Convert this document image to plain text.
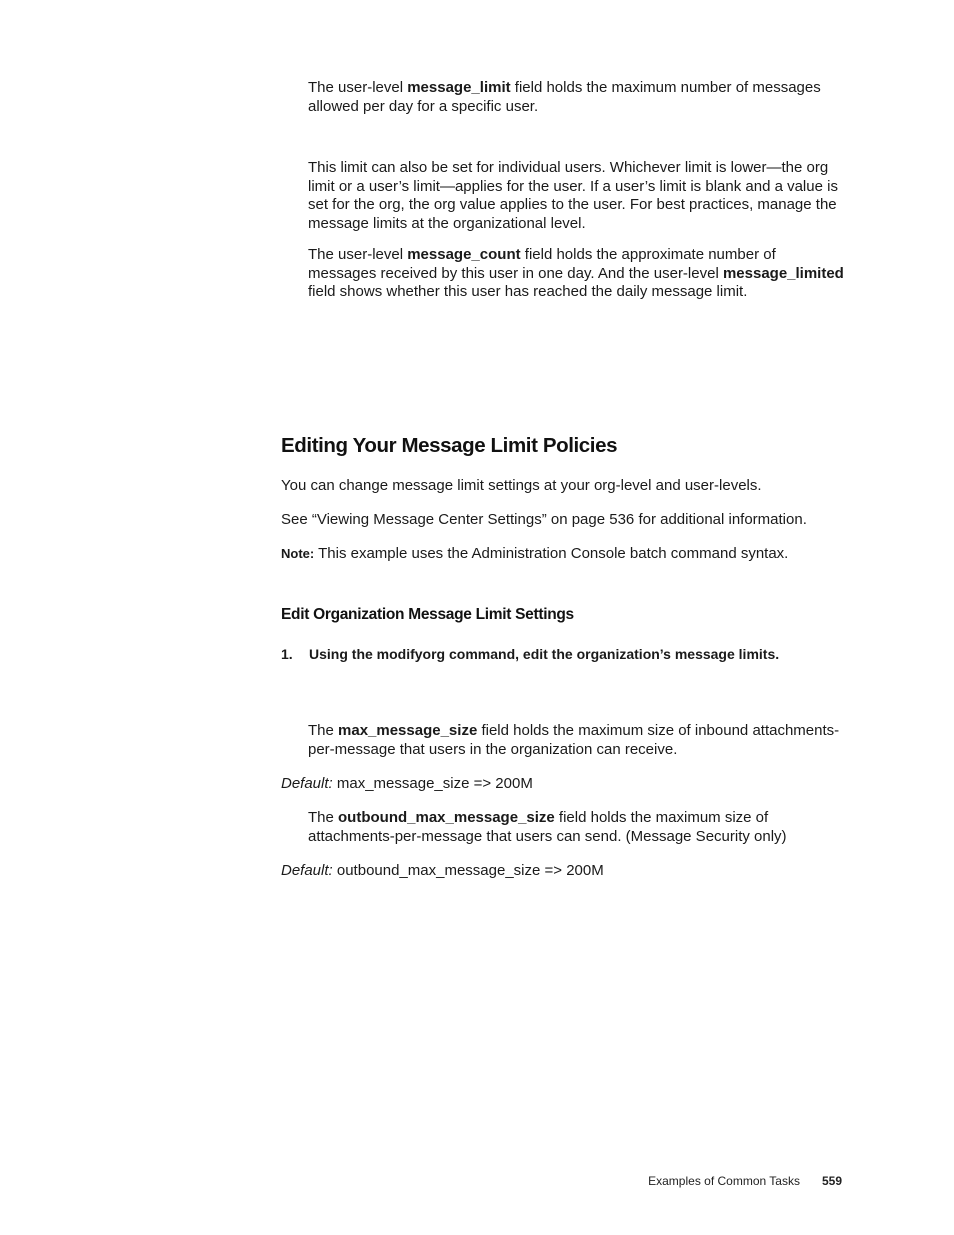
The user-level message_limit field holds the maximum number of messages allowed per day for a specific user.

This limit can also be set for individual users. Whichever limit is lower—the org limit or a user’s limit—applies for the user. If a user’s limit is blank and a value is set for the org, the org value applies to the user. For best practices, manage the message limits at the organizational level.

The user-level message_count field holds the approximate number of messages received by this user in one day. And the user-level message_limited field shows whether this user has reached the daily message limit.

Editing Your Message Limit Policies

You can change message limit settings at your org-level and user-levels.

See “Viewing Message Center Settings” on page 536 for additional information.

Note: This example uses the Administration Console batch command syntax.

Edit Organization Message Limit Settings

1. Using the modifyorg command, edit the organization’s message limits.

The max_message_size field holds the maximum size of inbound attachments-per-message that users in the organization can receive.

Default: max_message_size => 200M

The outbound_max_message_size field holds the maximum size of attachments-per-message that users can send. (Message Security only)

Default: outbound_max_message_size => 200M

Examples of Common Tasks 559
